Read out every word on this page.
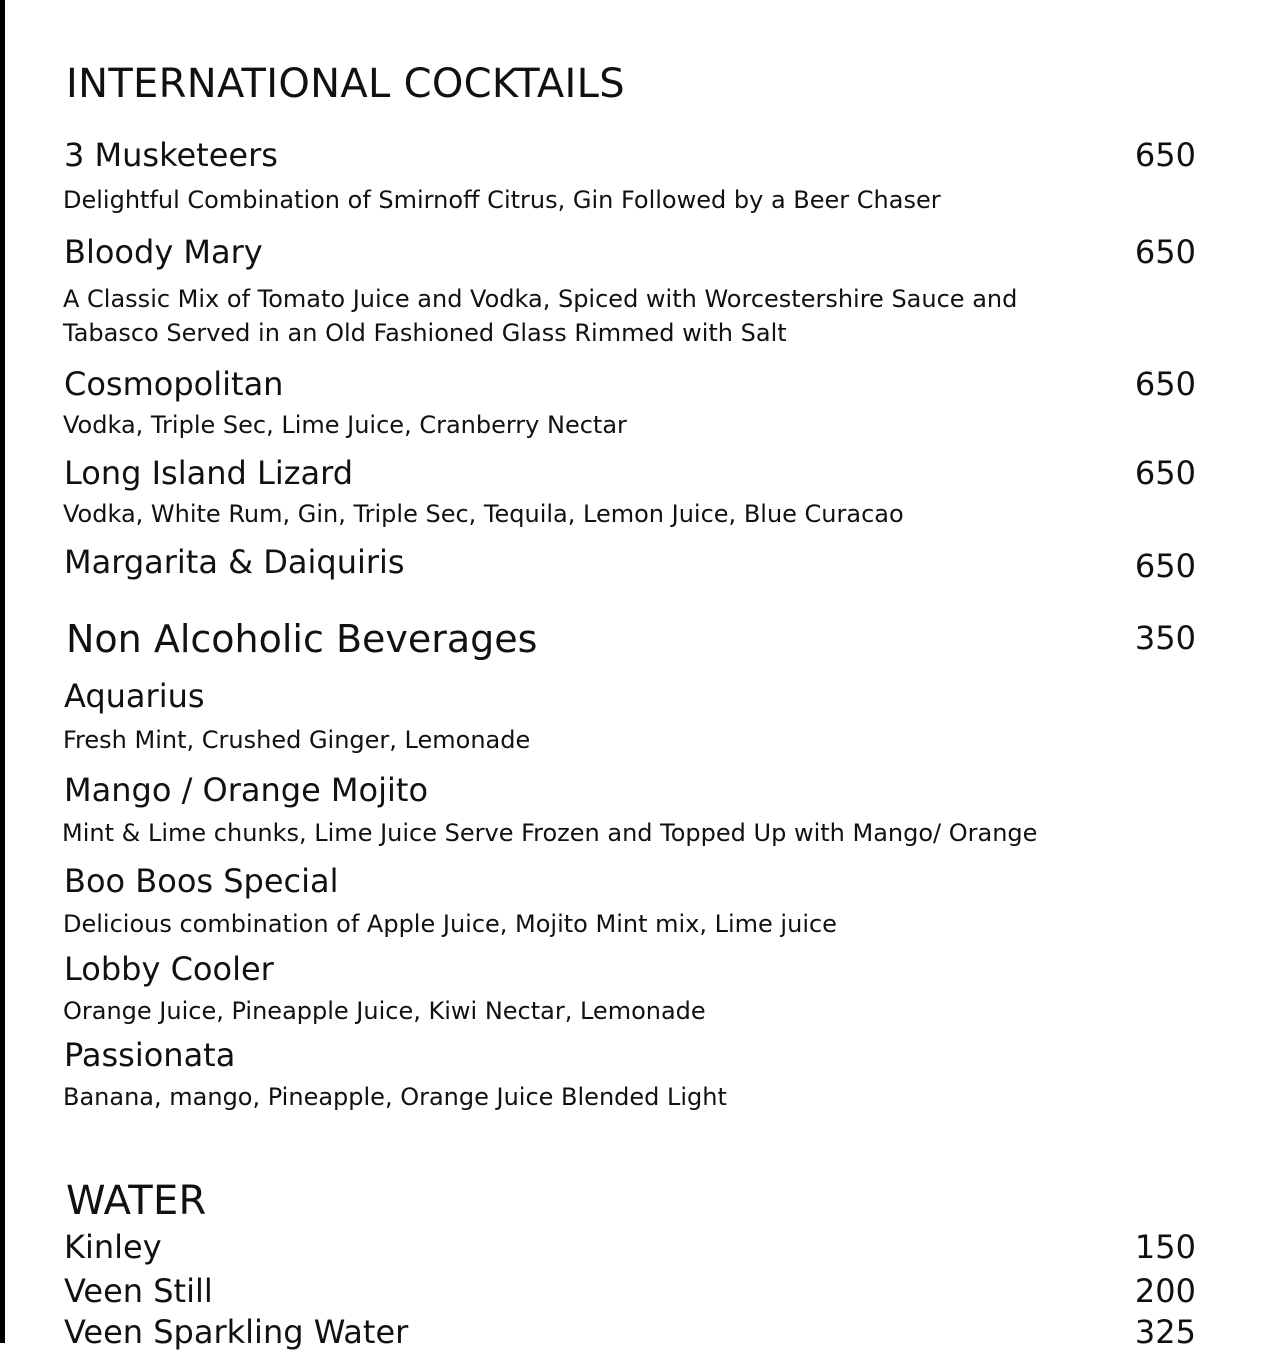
INTERNATIONAL COCKTAILS
3 Musketeers	650
Delightful Combination of Smirnoff Citrus, Gin Followed by a Beer Chaser
Bloody Mary	650
A Classic Mix of Tomato Juice and Vodka, Spiced with Worcestershire Sauce and
Tabasco Served in an Old Fashioned Glass Rimmed with Salt
Cosmopolitan	650
Vodka, Triple Sec, Lime Juice, Cranberry Nectar
Long Island Lizard	650
Vodka, White Rum, Gin, Triple Sec, Tequila, Lemon Juice, Blue Curacao
Margarita & Daiquiris	650
Non Alcoholic Beverages	350
Aquarius
Fresh Mint, Crushed Ginger, Lemonade
Mango / Orange Mojito
Mint & Lime chunks, Lime Juice Serve Frozen and Topped Up with Mango/ Orange
Boo Boos Special
Delicious combination of Apple Juice, Mojito Mint mix, Lime juice
Lobby Cooler
Orange Juice, Pineapple Juice, Kiwi Nectar, Lemonade
Passionata
Banana, mango, Pineapple, Orange Juice Blended Light
WATER
Kinley	150
Veen Still	200
Veen Sparkling Water	325
